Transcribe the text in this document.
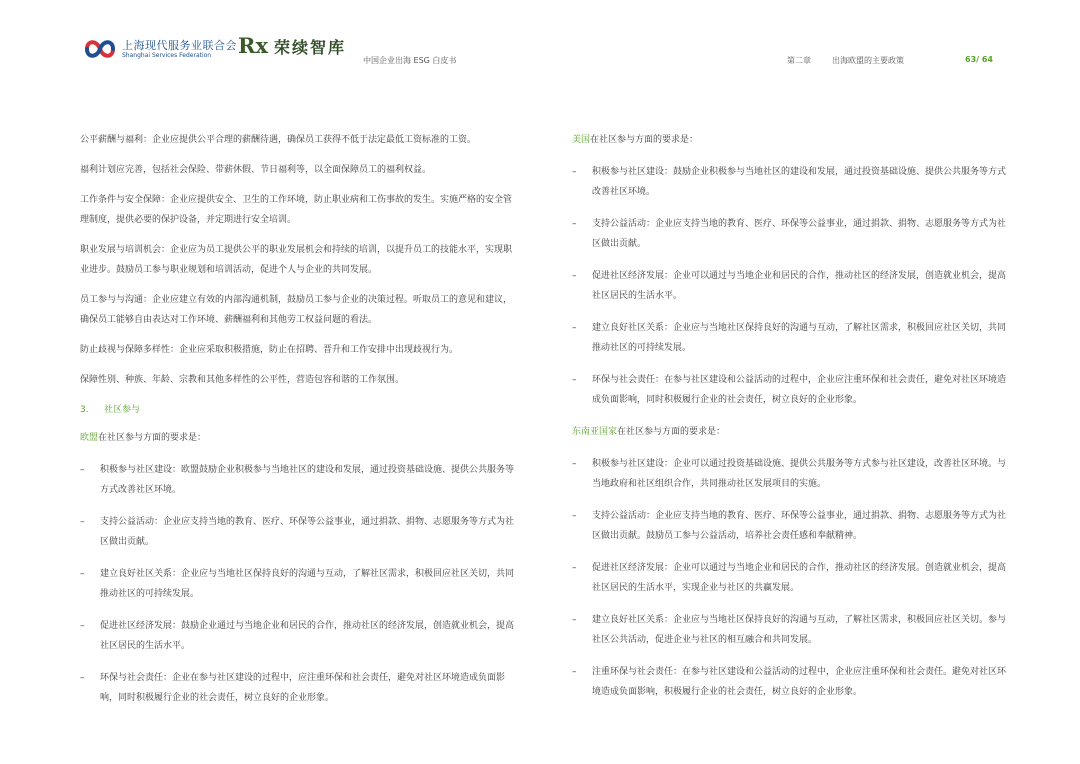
上海现代服务业联合会
Shanghai Services Federation	Rx 荣续智库
中国企业出海 ESG 白皮书	第二章	出海欧盟的主要政策	63/ 64

公平薪酬与福利：企业应提供公平合理的薪酬待遇，确保员工获得不低于法定最低工资标准的工资。

福利计划应完善，包括社会保险、带薪休假、节日福利等，以全面保障员工的福利权益。

工作条件与安全保障：企业应提供安全、卫生的工作环境，防止职业病和工伤事故的发生。实施严格的安全管理制度，提供必要的保护设备，并定期进行安全培训。

职业发展与培训机会：企业应为员工提供公平的职业发展机会和持续的培训，以提升员工的技能水平，实现职业进步。鼓励员工参与职业规划和培训活动，促进个人与企业的共同发展。

员工参与与沟通：企业应建立有效的内部沟通机制，鼓励员工参与企业的决策过程。听取员工的意见和建议，确保员工能够自由表达对工作环境、薪酬福利和其他劳工权益问题的看法。

防止歧视与保障多样性：企业应采取积极措施，防止在招聘、晋升和工作安排中出现歧视行为。

保障性别、种族、年龄、宗教和其他多样性的公平性，营造包容和谐的工作氛围。

3. 社区参与
欧盟在社区参与方面的要求是：
–	积极参与社区建设：欧盟鼓励企业积极参与当地社区的建设和发展，通过投资基础设施、提供公共服务等方式改善社区环境。
–	支持公益活动：企业应支持当地的教育、医疗、环保等公益事业，通过捐款、捐物、志愿服务等方式为社区做出贡献。
–	建立良好社区关系：企业应与当地社区保持良好的沟通与互动，了解社区需求，积极回应社区关切，共同推动社区的可持续发展。
–	促进社区经济发展：鼓励企业通过与当地企业和居民的合作，推动社区的经济发展，创造就业机会，提高社区居民的生活水平。
–	环保与社会责任：企业在参与社区建设的过程中，应注重环保和社会责任，避免对社区环境造成负面影响，同时积极履行企业的社会责任，树立良好的企业形象。
美国在社区参与方面的要求是：
–	积极参与社区建设：鼓励企业积极参与当地社区的建设和发展，通过投资基础设施、提供公共服务等方式改善社区环境。
–	支持公益活动：企业应支持当地的教育、医疗、环保等公益事业，通过捐款、捐物、志愿服务等方式为社区做出贡献。
–	促进社区经济发展：企业可以通过与当地企业和居民的合作，推动社区的经济发展，创造就业机会，提高社区居民的生活水平。
–	建立良好社区关系：企业应与当地社区保持良好的沟通与互动，了解社区需求，积极回应社区关切，共同推动社区的可持续发展。
–	环保与社会责任：在参与社区建设和公益活动的过程中，企业应注重环保和社会责任，避免对社区环境造成负面影响，同时积极履行企业的社会责任，树立良好的企业形象。
东南亚国家在社区参与方面的要求是：
–	积极参与社区建设：企业可以通过投资基础设施、提供公共服务等方式参与社区建设，改善社区环境。与当地政府和社区组织合作，共同推动社区发展项目的实施。
–	支持公益活动：企业应支持当地的教育、医疗、环保等公益事业，通过捐款、捐物、志愿服务等方式为社区做出贡献。鼓励员工参与公益活动，培养社会责任感和奉献精神。
–	促进社区经济发展：企业可以通过与当地企业和居民的合作，推动社区的经济发展。创造就业机会，提高社区居民的生活水平，实现企业与社区的共赢发展。
–	建立良好社区关系：企业应与当地社区保持良好的沟通与互动，了解社区需求，积极回应社区关切。参与社区公共活动，促进企业与社区的相互融合和共同发展。
–	注重环保与社会责任：在参与社区建设和公益活动的过程中，企业应注重环保和社会责任。避免对社区环境造成负面影响，积极履行企业的社会责任，树立良好的企业形象。
